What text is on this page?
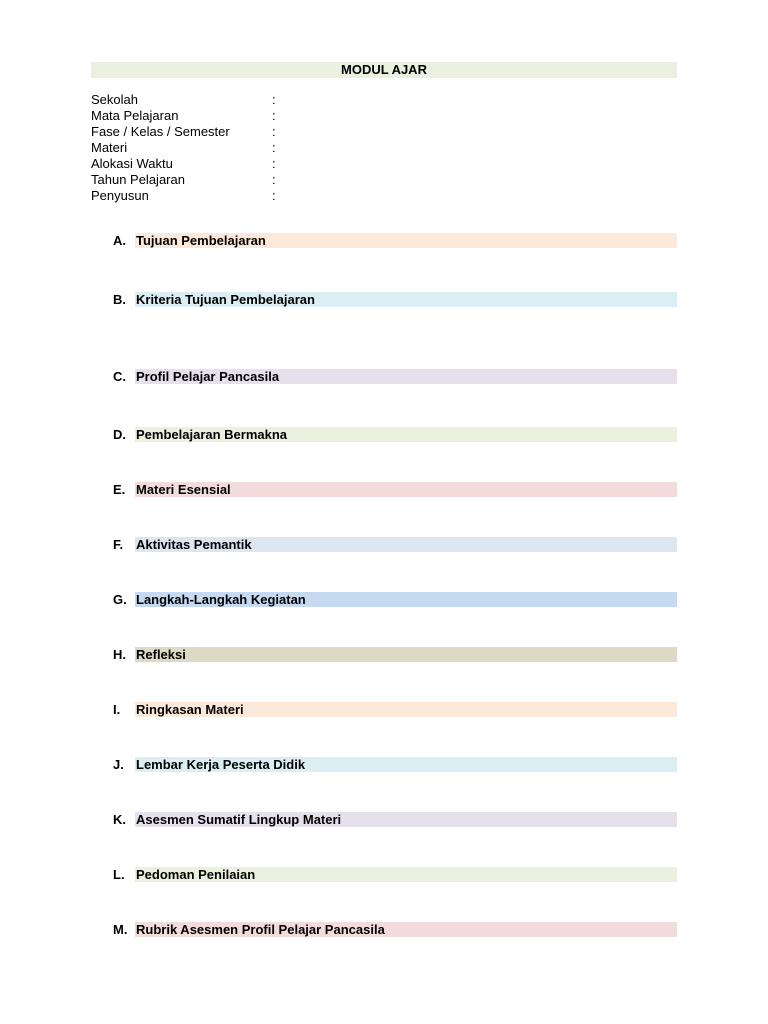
MODUL AJAR
Sekolah	:
Mata Pelajaran	:
Fase / Kelas / Semester	:
Materi	:
Alokasi Waktu	:
Tahun Pelajaran	:
Penyusun	:
A. Tujuan Pembelajaran
B. Kriteria Tujuan Pembelajaran
C. Profil Pelajar Pancasila
D. Pembelajaran Bermakna
E. Materi Esensial
F. Aktivitas Pemantik
G. Langkah-Langkah Kegiatan
H. Refleksi
I.	Ringkasan Materi
J. Lembar Kerja Peserta Didik
K. Asesmen Sumatif Lingkup Materi
L. Pedoman Penilaian
M. Rubrik Asesmen Profil Pelajar Pancasila
